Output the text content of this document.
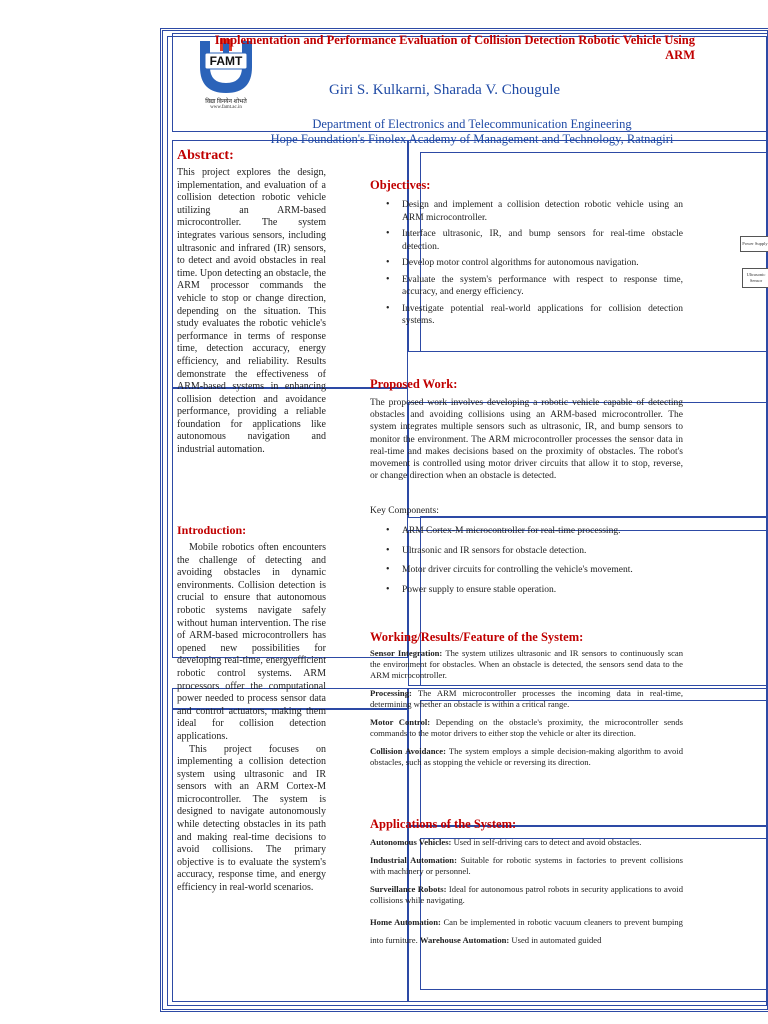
FAMT
विद्या विनयेन शोभते
www.famt.ac.in
Implementation and Performance Evaluation of Collision Detection Robotic Vehicle Using ARM
Giri S. Kulkarni, Sharada V. Chougule
Department of Electronics and Telecommunication Engineering
Hope Foundation's Finolex Academy of Management and Technology, Ratnagiri
Abstract:

This project explores the design, implementation, and evaluation of a collision detection robotic vehicle utilizing an ARM-based microcontroller. The system integrates various sensors, including ultrasonic and infrared (IR) sensors, to detect and avoid obstacles in real time. Upon detecting an obstacle, the ARM processor commands the vehicle to stop or change direction, depending on the situation. This study evaluates the robotic vehicle's performance in terms of response time, detection accuracy, energy efficiency, and reliability. Results demonstrate the effectiveness of ARM-based systems in enhancing collision detection and avoidance performance, providing a reliable foundation for applications like autonomous navigation and industrial automation.

Introduction:

Mobile robotics often encounters the challenge of detecting and avoiding obstacles in dynamic environments. Collision detection is crucial to ensure that autonomous robotic systems navigate safely without human intervention. The rise of ARM-based microcontrollers has opened new possibilities for developing real-time, energyefficient robotic control systems. ARM processors offer the computational power needed to process sensor data and control actuators, making them ideal for collision detection applications.

This project focuses on implementing a collision detection system using ultrasonic and IR sensors with an ARM Cortex-M microcontroller. The system is designed to navigate autonomously while detecting obstacles in its path and making real-time decisions to avoid collisions. The primary objective is to evaluate the system's accuracy, response time, and energy efficiency in real-world scenarios.

Objectives:
• Design and implement a collision detection robotic vehicle using an ARM microcontroller.
• Interface ultrasonic, IR, and bump sensors for real-time obstacle detection.
• Develop motor control algorithms for autonomous navigation.
• Evaluate the system's performance with respect to response time, accuracy, and energy efficiency.
• Investigate potential real-world applications for collision detection systems.
Proposed Work:

The proposed work involves developing a robotic vehicle capable of detecting obstacles and avoiding collisions using an ARM-based microcontroller. The system integrates multiple sensors such as ultrasonic, IR, and bump sensors to monitor the environment. The ARM microcontroller processes the sensor data in real-time and makes decisions based on the proximity of obstacles. The robot's movement is controlled using motor driver circuits that allow it to stop, reverse, or change direction when an obstacle is detected.

Key Components:
• ARM Cortex-M microcontroller for real-time processing.
• Ultrasonic and IR sensors for obstacle detection.
• Motor driver circuits for controlling the vehicle's movement.
• Power supply to ensure stable operation.
Working/Results/Feature of the System:

Sensor Integration: The system utilizes ultrasonic and IR sensors to continuously scan the environment for obstacles. When an obstacle is detected, the sensors send data to the ARM microcontroller.

Processing: The ARM microcontroller processes the incoming data in real-time, determining whether an obstacle is within a critical range.

Motor Control: Depending on the obstacle's proximity, the microcontroller sends commands to the motor drivers to either stop the vehicle or alter its direction.

Collision Avoidance: The system employs a simple decision-making algorithm to avoid obstacles, such as stopping the vehicle or reversing its direction.

Applications of the System:

Autonomous Vehicles: Used in self-driving cars to detect and avoid obstacles.

Industrial Automation: Suitable for robotic systems in factories to prevent collisions with machinery or personnel.

Surveillance Robots: Ideal for autonomous patrol robots in security applications to avoid collisions while navigating.

Home Automation: Can be implemented in robotic vacuum cleaners to prevent bumping into furniture. Warehouse Automation: Used in automated guided

Power Supply
Ultrasonic Sensor
